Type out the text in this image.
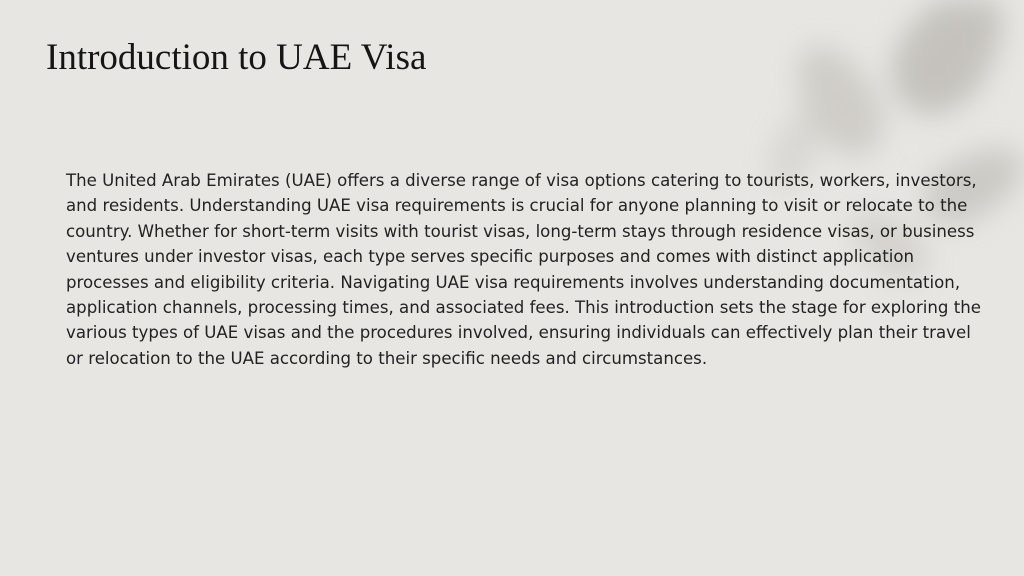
Introduction to UAE Visa

The United Arab Emirates (UAE) offers a diverse range of visa options catering to tourists, workers, investors, and residents. Understanding UAE visa requirements is crucial for anyone planning to visit or relocate to the country. Whether for short-term visits with tourist visas, long-term stays through residence visas, or business ventures under investor visas, each type serves specific purposes and comes with distinct application processes and eligibility criteria. Navigating UAE visa requirements involves understanding documentation, application channels, processing times, and associated fees. This introduction sets the stage for exploring the various types of UAE visas and the procedures involved, ensuring individuals can effectively plan their travel or relocation to the UAE according to their specific needs and circumstances.
